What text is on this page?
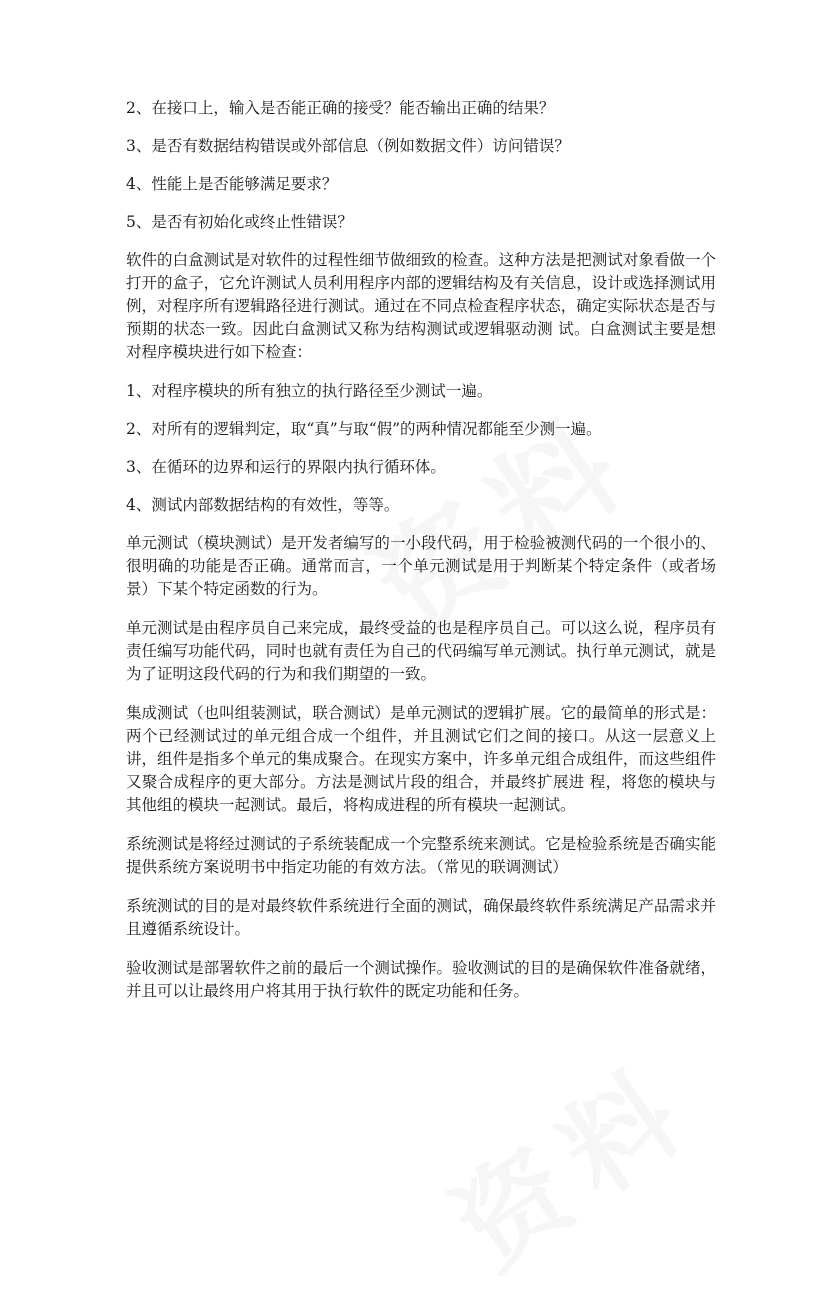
2、在接口上，输入是否能正确的接受？能否输出正确的结果？

3、是否有数据结构错误或外部信息（例如数据文件）访问错误？

4、性能上是否能够满足要求？

5、是否有初始化或终止性错误？

软件的白盒测试是对软件的过程性细节做细致的检查。这种方法是把测试对象看做一个打开的盒子，它允许测试人员利用程序内部的逻辑结构及有关信息，设计或选择测试用例，对程序所有逻辑路径进行测试。通过在不同点检查程序状态，确定实际状态是否与预期的状态一致。因此白盒测试又称为结构测试或逻辑驱动测 试。白盒测试主要是想对程序模块进行如下检查：

1、对程序模块的所有独立的执行路径至少测试一遍。

2、对所有的逻辑判定，取“真”与取“假”的两种情况都能至少测一遍。

3、在循环的边界和运行的界限内执行循环体。

4、测试内部数据结构的有效性，等等。

单元测试（模块测试）是开发者编写的一小段代码，用于检验被测代码的一个很小的、很明确的功能是否正确。通常而言，一个单元测试是用于判断某个特定条件（或者场景）下某个特定函数的行为。

单元测试是由程序员自己来完成，最终受益的也是程序员自己。可以这么说，程序员有责任编写功能代码，同时也就有责任为自己的代码编写单元测试。执行单元测试，就是为了证明这段代码的行为和我们期望的一致。

集成测试（也叫组装测试，联合测试）是单元测试的逻辑扩展。它的最简单的形式是：两个已经测试过的单元组合成一个组件，并且测试它们之间的接口。从这一层意义上讲，组件是指多个单元的集成聚合。在现实方案中，许多单元组合成组件，而这些组件又聚合成程序的更大部分。方法是测试片段的组合，并最终扩展进 程，将您的模块与其他组的模块一起测试。最后，将构成进程的所有模块一起测试。

系统测试是将经过测试的子系统装配成一个完整系统来测试。它是检验系统是否确实能提供系统方案说明书中指定功能的有效方法。（常见的联调测试）

系统测试的目的是对最终软件系统进行全面的测试，确保最终软件系统满足产品需求并且遵循系统设计。

验收测试是部署软件之前的最后一个测试操作。验收测试的目的是确保软件准备就绪，并且可以让最终用户将其用于执行软件的既定功能和任务。
